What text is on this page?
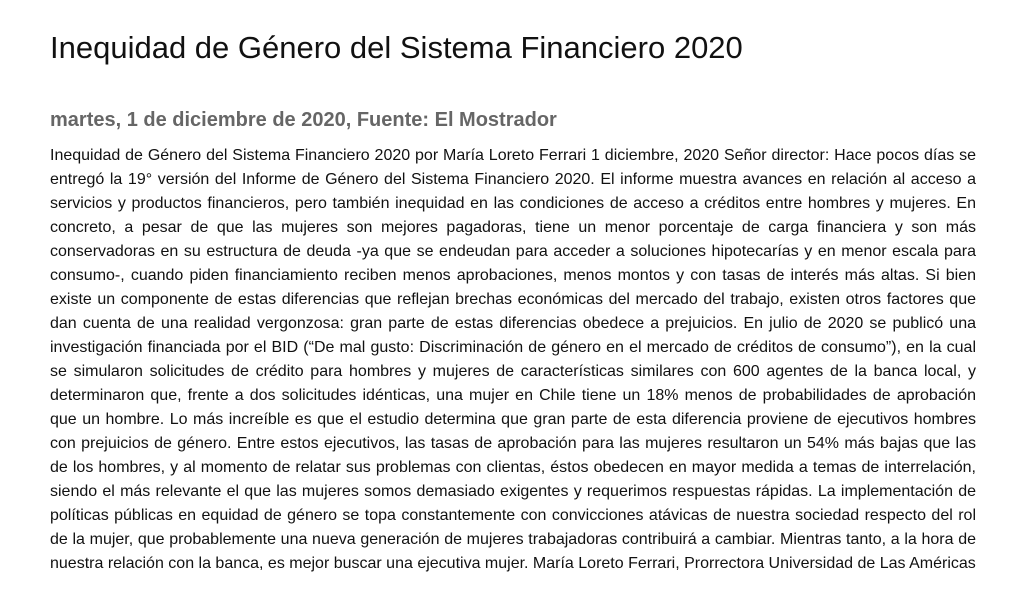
Inequidad de Género del Sistema Financiero 2020
martes, 1 de diciembre de 2020, Fuente: El Mostrador

Inequidad de Género del Sistema Financiero 2020 por María Loreto Ferrari 1 diciembre, 2020 Señor director: Hace pocos días se entregó la 19° versión del Informe de Género del Sistema Financiero 2020. El informe muestra avances en relación al acceso a servicios y productos financieros, pero también inequidad en las condiciones de acceso a créditos entre hombres y mujeres. En concreto, a pesar de que las mujeres son mejores pagadoras, tiene un menor porcentaje de carga financiera y son más conservadoras en su estructura de deuda -ya que se endeudan para acceder a soluciones hipotecarías y en menor escala para consumo-, cuando piden financiamiento reciben menos aprobaciones, menos montos y con tasas de interés más altas. Si bien existe un componente de estas diferencias que reflejan brechas económicas del mercado del trabajo, existen otros factores que dan cuenta de una realidad vergonzosa: gran parte de estas diferencias obedece a prejuicios. En julio de 2020 se publicó una investigación financiada por el BID (“De mal gusto: Discriminación de género en el mercado de créditos de consumo”), en la cual se simularon solicitudes de crédito para hombres y mujeres de características similares con 600 agentes de la banca local, y determinaron que, frente a dos solicitudes idénticas, una mujer en Chile tiene un 18% menos de probabilidades de aprobación que un hombre. Lo más increíble es que el estudio determina que gran parte de esta diferencia proviene de ejecutivos hombres con prejuicios de género. Entre estos ejecutivos, las tasas de aprobación para las mujeres resultaron un 54% más bajas que las de los hombres, y al momento de relatar sus problemas con clientas, éstos obedecen en mayor medida a temas de interrelación, siendo el más relevante el que las mujeres somos demasiado exigentes y requerimos respuestas rápidas. La implementación de políticas públicas en equidad de género se topa constantemente con convicciones atávicas de nuestra sociedad respecto del rol de la mujer, que probablemente una nueva generación de mujeres trabajadoras contribuirá a cambiar. Mientras tanto, a la hora de nuestra relación con la banca, es mejor buscar una ejecutiva mujer. María Loreto Ferrari, Prorrectora Universidad de Las Américas
